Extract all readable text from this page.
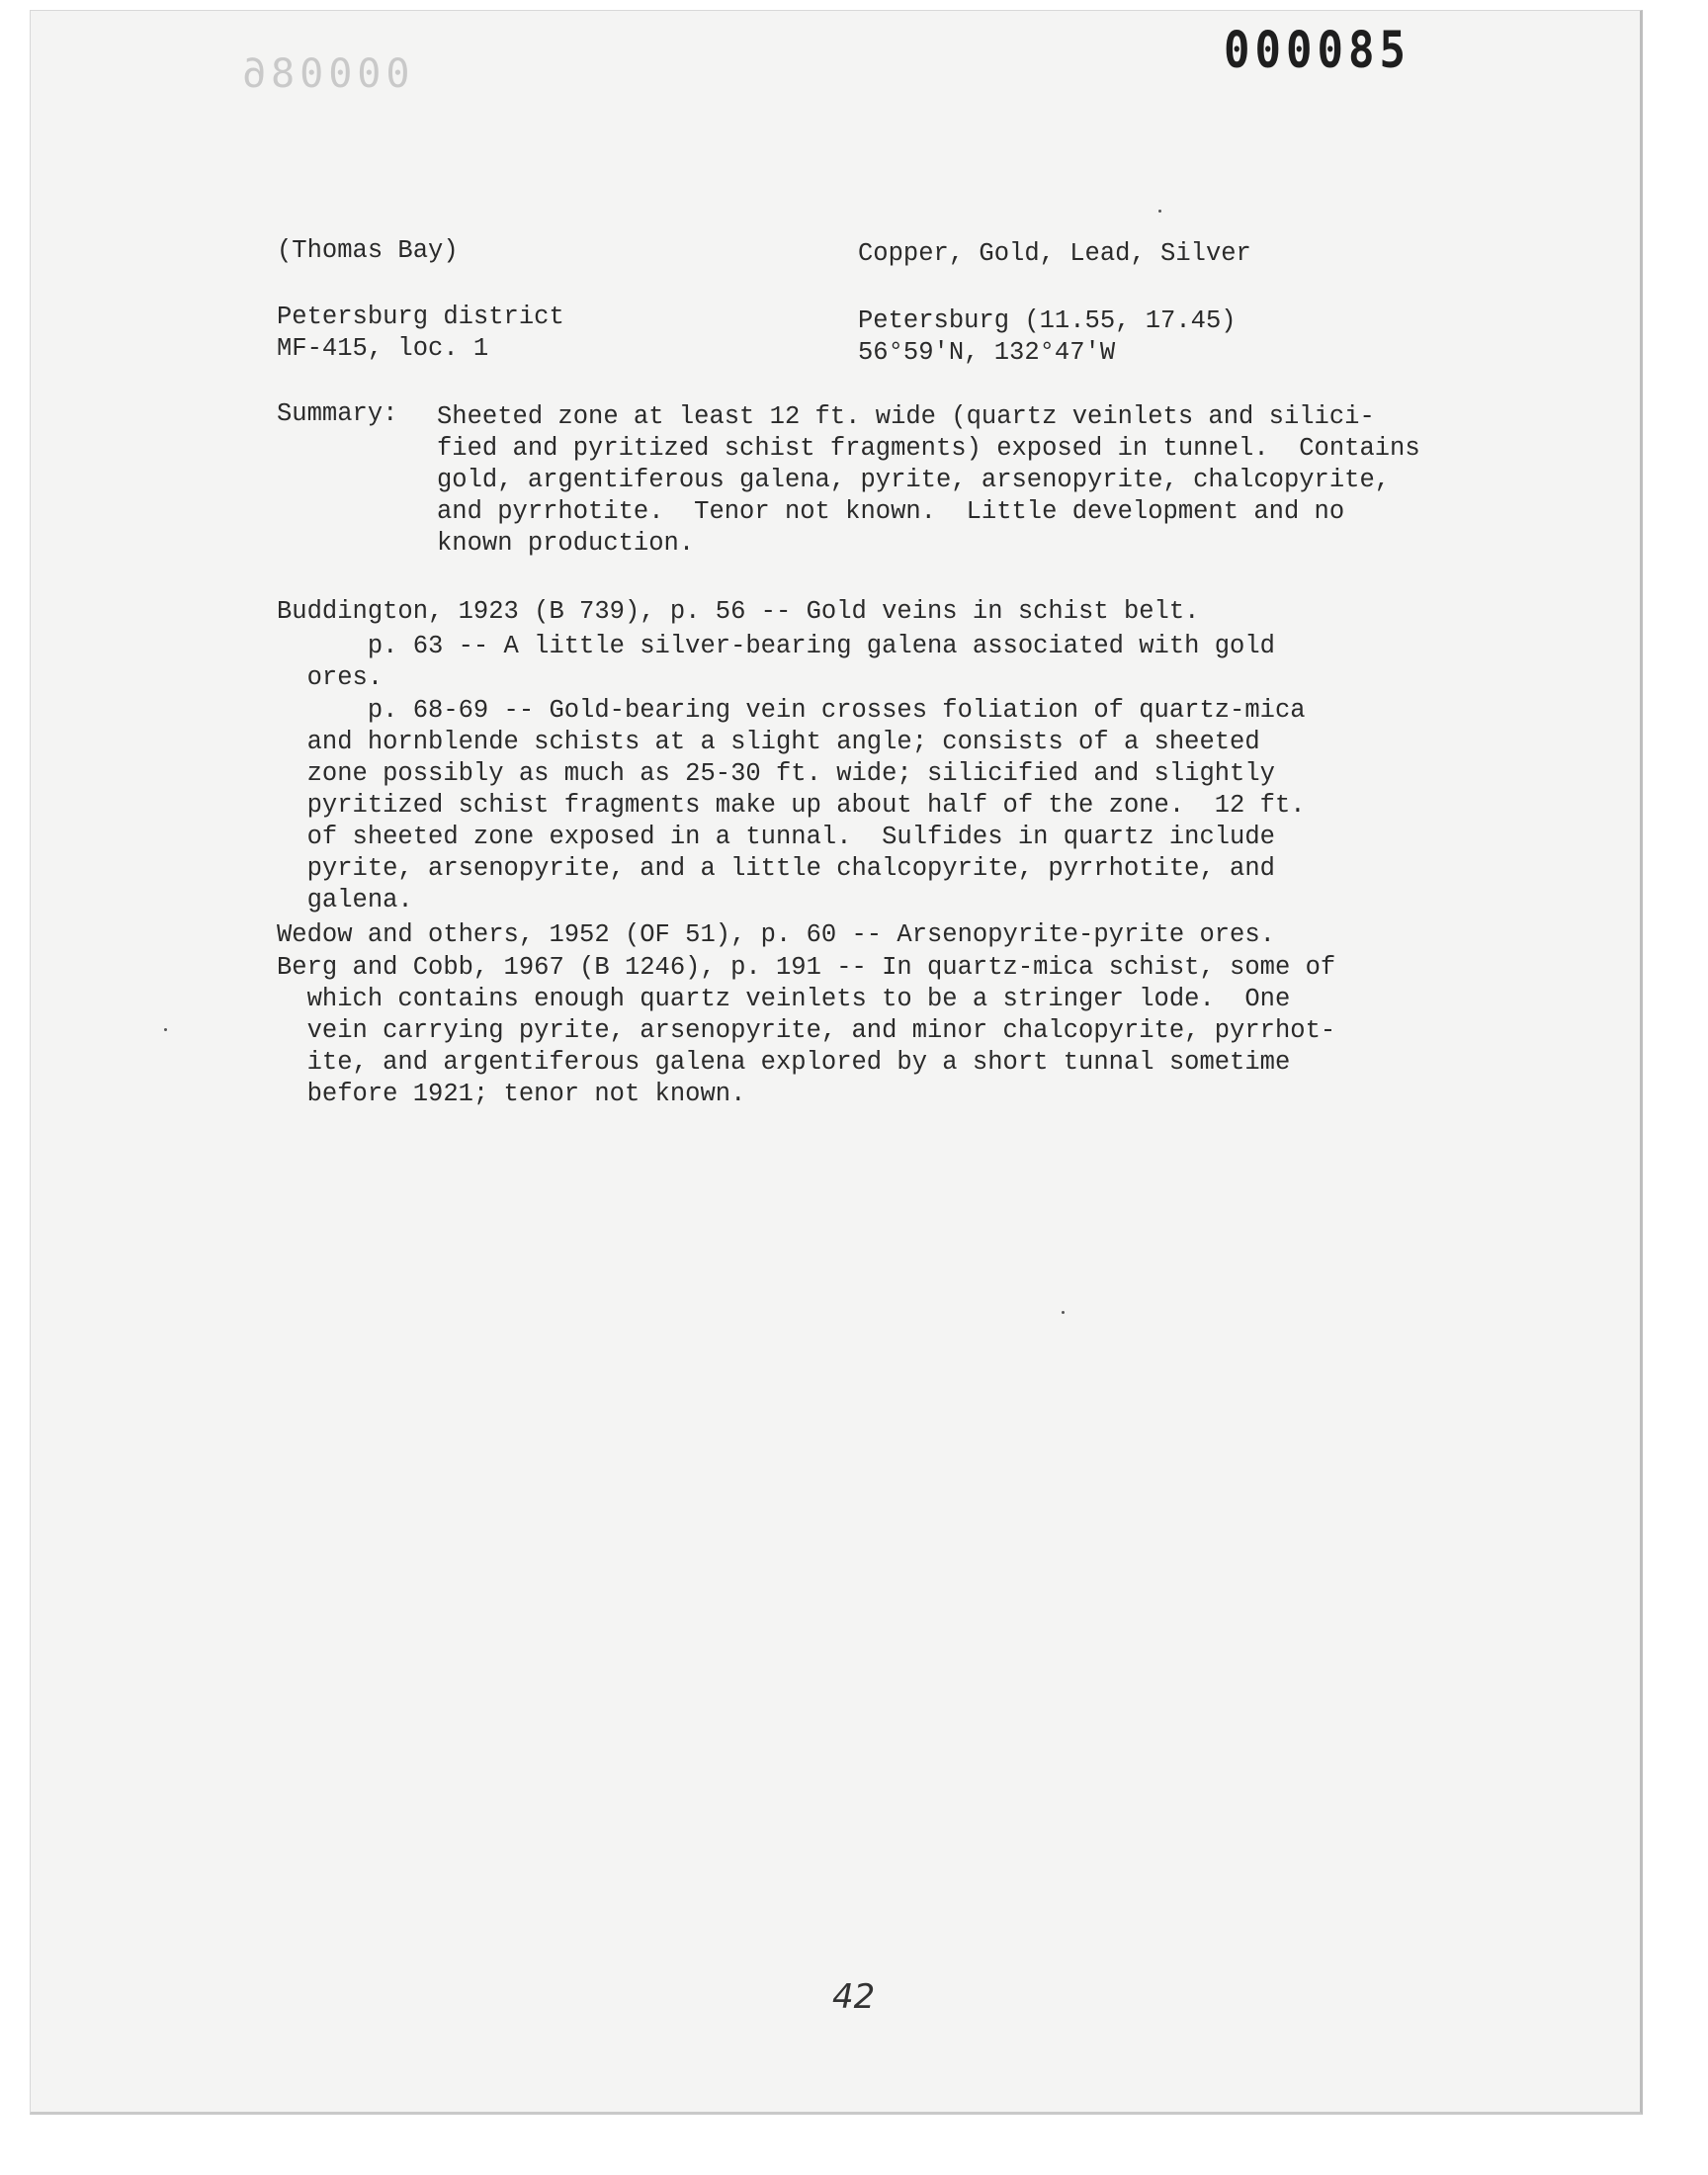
000086	000085
(Thomas Bay)	Copper, Gold, Lead, Silver
Petersburg district
MF-415, loc. 1
Petersburg (11.55, 17.45)
56°59'N, 132°47'W
Summary: Sheeted zone at least 12 ft. wide (quartz veinlets and silici-
fied and pyritized schist fragments) exposed in tunnel.  Contains
gold, argentiferous galena, pyrite, arsenopyrite, chalcopyrite,
and pyrrhotite.  Tenor not known.  Little development and no
known production.
Buddington, 1923 (B 739), p. 56 -- Gold veins in schist belt.
p. 63 -- A little silver-bearing galena associated with gold
ores.
p. 68-69 -- Gold-bearing vein crosses foliation of quartz-mica
and hornblende schists at a slight angle; consists of a sheeted
zone possibly as much as 25-30 ft. wide; silicified and slightly
pyritized schist fragments make up about half of the zone.  12 ft.
of sheeted zone exposed in a tunnal.  Sulfides in quartz include
pyrite, arsenopyrite, and a little chalcopyrite, pyrrhotite, and
galena.
Wedow and others, 1952 (OF 51), p. 60 -- Arsenopyrite-pyrite ores.
Berg and Cobb, 1967 (B 1246), p. 191 -- In quartz-mica schist, some of
which contains enough quartz veinlets to be a stringer lode.  One
vein carrying pyrite, arsenopyrite, and minor chalcopyrite, pyrrhot-
ite, and argentiferous galena explored by a short tunnal sometime
before 1921; tenor not known.
42
